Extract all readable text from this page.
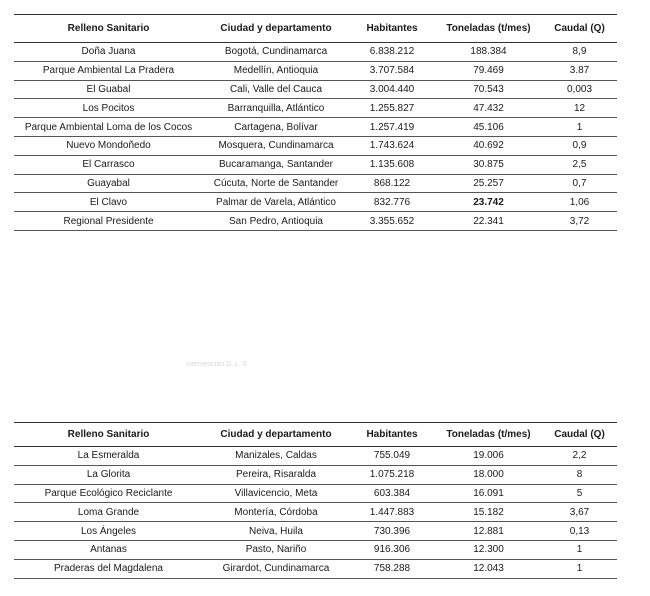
Relleno Sanitario	Ciudad y departamento	Habitantes	Toneladas (t/mes)	Caudal (Q)
Doña Juana	Bogotá, Cundinamarca	6.838.212	188.384	8,9
Parque Ambiental La Pradera	Medellín, Antioquia	3.707.584	79.469	3.87
El Guabal	Cali, Valle del Cauca	3.004.440	70.543	0,003
Los Pocitos	Barranquilla, Atlántico	1.255.827	47.432	12
Parque Ambiental Loma de los Cocos	Cartagena, Bolívar	1.257.419	45.106	1
Nuevo Mondoñedo	Mosquera, Cundinamarca	1.743.624	40.692	0,9
El Carrasco	Bucaramanga, Santander	1.135.608	30.875	2,5
Guayabal	Cúcuta, Norte de Santander	868.122	25.257	0,7
El Clavo	Palmar de Varela, Atlántico	832.776	23.742	1,06
Regional Presidente	San Pedro, Antioquia	3.355.652	22.341	3,72
Intervención D. L. 0
Relleno Sanitario	Ciudad y departamento	Habitantes	Toneladas (t/mes)	Caudal (Q)
La Esmeralda	Manizales, Caldas	755.049	19.006	2,2
La Glorita	Pereira, Risaralda	1.075.218	18.000	8
Parque Ecológico Reciclante	Villavicencio, Meta	603.384	16.091	5
Loma Grande	Montería, Córdoba	1.447.883	15.182	3,67
Los Ángeles	Neiva, Huila	730.396	12.881	0,13
Antanas	Pasto, Nariño	916.306	12.300	1
Praderas del Magdalena	Girardot, Cundinamarca	758.288	12.043	1
